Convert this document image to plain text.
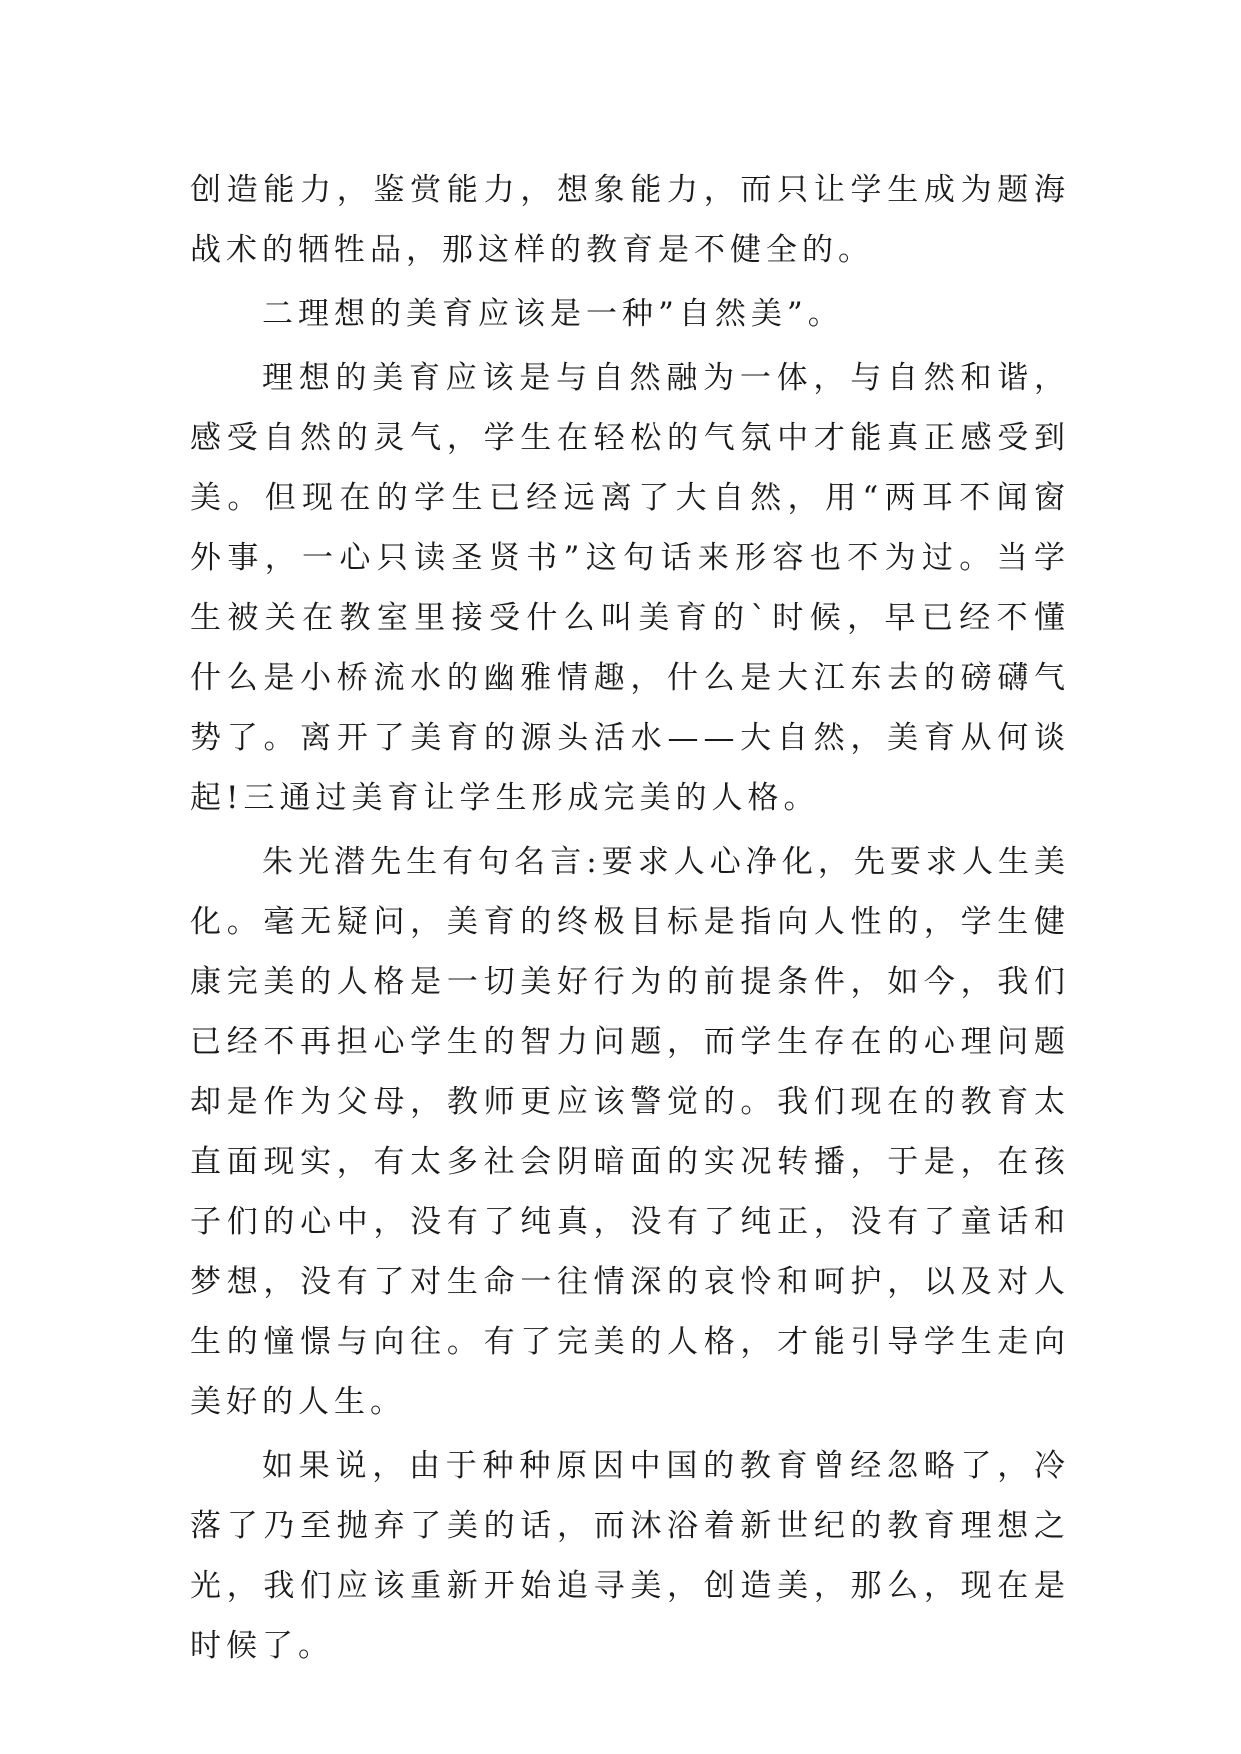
创造能力，鉴赏能力，想象能力，而只让学生成为题海战术的牺牲品，那这样的教育是不健全的。

二理想的美育应该是一种”自然美”。

理想的美育应该是与自然融为一体，与自然和谐，感受自然的灵气，学生在轻松的气氛中才能真正感受到美。但现在的学生已经远离了大自然，用“两耳不闻窗外事，一心只读圣贤书”这句话来形容也不为过。当学生被关在教室里接受什么叫美育的`时候，早已经不懂什么是小桥流水的幽雅情趣，什么是大江东去的磅礴气势了。离开了美育的源头活水——大自然，美育从何谈起!三通过美育让学生形成完美的人格。

朱光潜先生有句名言:要求人心净化，先要求人生美化。毫无疑问，美育的终极目标是指向人性的，学生健康完美的人格是一切美好行为的前提条件，如今，我们已经不再担心学生的智力问题，而学生存在的心理问题却是作为父母，教师更应该警觉的。我们现在的教育太直面现实，有太多社会阴暗面的实况转播，于是，在孩子们的心中，没有了纯真，没有了纯正，没有了童话和梦想，没有了对生命一往情深的哀怜和呵护，以及对人生的憧憬与向往。有了完美的人格，才能引导学生走向美好的人生。

如果说，由于种种原因中国的教育曾经忽略了，冷落了乃至抛弃了美的话，而沐浴着新世纪的教育理想之光，我们应该重新开始追寻美，创造美，那么，现在是时候了。
